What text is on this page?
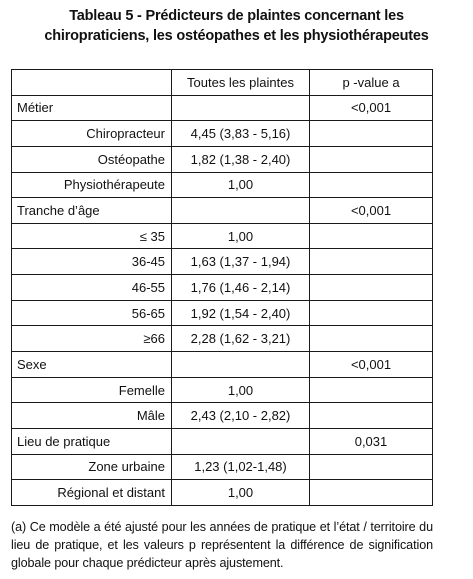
Tableau 5 - Prédicteurs de plaintes concernant les
chiropraticiens, les ostéopathes et les physiothérapeutes
	Toutes les plaintes	p -value a
Métier		<0,001
Chiropracteur	4,45 (3,83 - 5,16)	
Ostéopathe	1,82 (1,38 - 2,40)	
Physiothérapeute	1,00	
Tranche d’âge		<0,001
≤ 35	1,00	
36-45	1,63 (1,37 - 1,94)	
46-55	1,76 (1,46 - 2,14)	
56-65	1,92 (1,54 - 2,40)	
≥66	2,28 (1,62 - 3,21)	
Sexe		<0,001
Femelle	1,00	
Mâle	2,43 (2,10 - 2,82)	
Lieu de pratique		0,031
Zone urbaine	1,23 (1,02-1,48)	
Régional et distant	1,00	

(a) Ce modèle a été ajusté pour les années de pratique et l’état / territoire du lieu de pratique, et les valeurs p représentent la différence de signification globale pour chaque prédicteur après ajustement.
